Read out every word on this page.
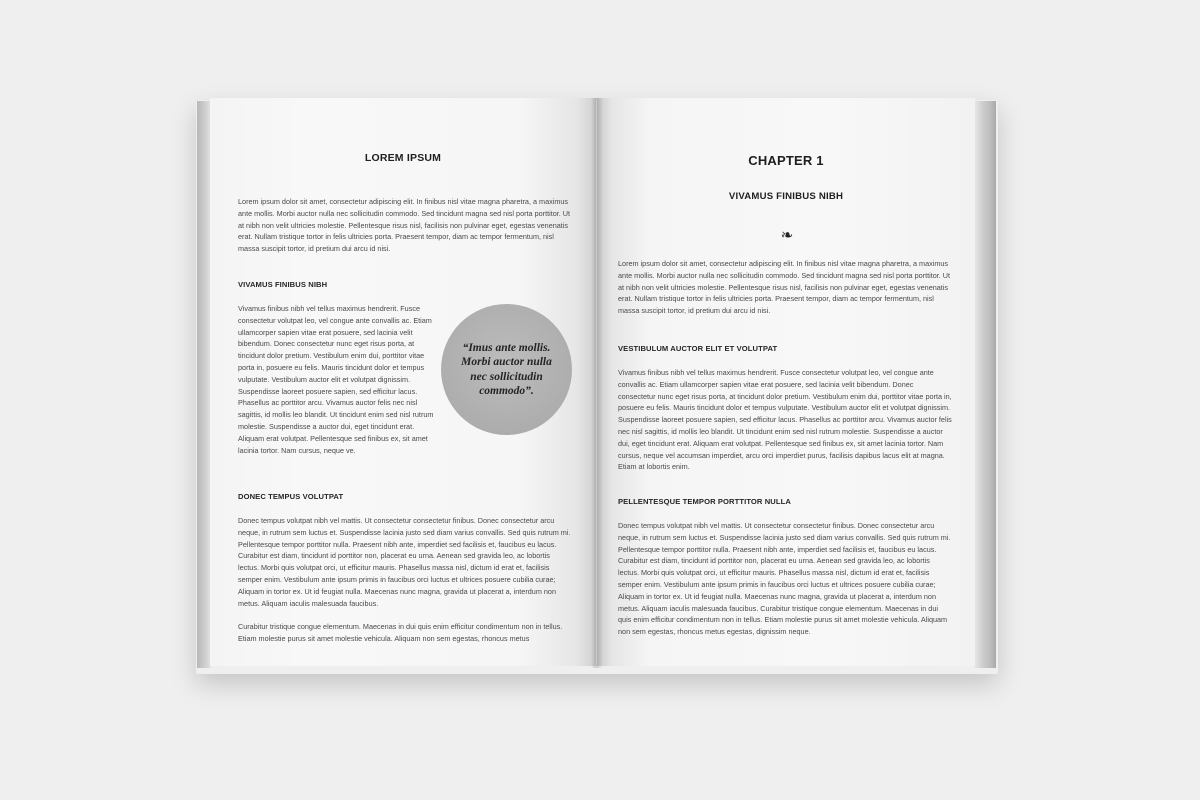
LOREM IPSUM

Lorem ipsum dolor sit amet, consectetur adipiscing elit. In finibus nisl vitae magna pharetra, a maximus ante mollis. Morbi auctor nulla nec sollicitudin commodo. Sed tincidunt magna sed nisl porta porttitor. Ut at nibh non velit ultricies molestie. Pellentesque risus nisl, facilisis non pulvinar eget, egestas venenatis erat. Nullam tristique tortor in felis ultricies porta. Praesent tempor, diam ac tempor fermentum, nisl massa suscipit tortor, id pretium dui arcu id nisi.

VIVAMUS FINIBUS NIBH

Vivamus finibus nibh vel tellus maximus hendrerit. Fusce consectetur volutpat leo, vel congue ante convallis ac. Etiam ullamcorper sapien vitae erat posuere, sed lacinia velit bibendum. Donec consectetur nunc eget risus porta, at tincidunt dolor pretium. Vestibulum enim dui, porttitor vitae porta in, posuere eu felis. Mauris tincidunt dolor et tempus vulputate. Vestibulum auctor elit et volutpat dignissim. Suspendisse laoreet posuere sapien, sed efficitur lacus. Phasellus ac porttitor arcu. Vivamus auctor felis nec nisl sagittis, id mollis leo blandit. Ut tincidunt enim sed nisl rutrum molestie. Suspendisse a auctor dui, eget tincidunt erat. Aliquam erat volutpat. Pellentesque sed finibus ex, sit amet lacinia tortor. Nam cursus, neque ve.

“Imus ante mollis. Morbi auctor nulla nec sollicitudin commodo”.
DONEC TEMPUS VOLUTPAT

Donec tempus volutpat nibh vel mattis. Ut consectetur consectetur finibus. Donec consectetur arcu neque, in rutrum sem luctus et. Suspendisse lacinia justo sed diam varius convallis. Sed quis rutrum mi. Pellentesque tempor porttitor nulla. Praesent nibh ante, imperdiet sed facilisis et, faucibus eu lacus. Curabitur est diam, tincidunt id porttitor non, placerat eu urna. Aenean sed gravida leo, ac lobortis lectus. Morbi quis volutpat orci, ut efficitur mauris. Phasellus massa nisl, dictum id erat et, facilisis semper enim. Vestibulum ante ipsum primis in faucibus orci luctus et ultrices posuere cubilia curae; Aliquam in tortor ex. Ut id feugiat nulla. Maecenas nunc magna, gravida ut placerat a, interdum non metus. Aliquam iaculis malesuada faucibus.

Curabitur tristique congue elementum. Maecenas in dui quis enim efficitur condimentum non in tellus. Etiam molestie purus sit amet molestie vehicula. Aliquam non sem egestas, rhoncus metus

CHAPTER 1
VIVAMUS FINIBUS NIBH
❧

Lorem ipsum dolor sit amet, consectetur adipiscing elit. In finibus nisl vitae magna pharetra, a maximus ante mollis. Morbi auctor nulla nec sollicitudin commodo. Sed tincidunt magna sed nisl porta porttitor. Ut at nibh non velit ultricies molestie. Pellentesque risus nisl, facilisis non pulvinar eget, egestas venenatis erat. Nullam tristique tortor in felis ultricies porta. Praesent tempor, diam ac tempor fermentum, nisl massa suscipit tortor, id pretium dui arcu id nisi.

VESTIBULUM AUCTOR ELIT ET VOLUTPAT

Vivamus finibus nibh vel tellus maximus hendrerit. Fusce consectetur volutpat leo, vel congue ante convallis ac. Etiam ullamcorper sapien vitae erat posuere, sed lacinia velit bibendum. Donec consectetur nunc eget risus porta, at tincidunt dolor pretium. Vestibulum enim dui, porttitor vitae porta in, posuere eu felis. Mauris tincidunt dolor et tempus vulputate. Vestibulum auctor elit et volutpat dignissim. Suspendisse laoreet posuere sapien, sed efficitur lacus. Phasellus ac porttitor arcu. Vivamus auctor felis nec nisl sagittis, id mollis leo blandit. Ut tincidunt enim sed nisl rutrum molestie. Suspendisse a auctor dui, eget tincidunt erat. Aliquam erat volutpat. Pellentesque sed finibus ex, sit amet lacinia tortor. Nam cursus, neque vel accumsan imperdiet, arcu orci imperdiet purus, facilisis dapibus lacus elit at magna. Etiam at lobortis enim.

PELLENTESQUE TEMPOR PORTTITOR NULLA

Donec tempus volutpat nibh vel mattis. Ut consectetur consectetur finibus. Donec consectetur arcu neque, in rutrum sem luctus et. Suspendisse lacinia justo sed diam varius convallis. Sed quis rutrum mi. Pellentesque tempor porttitor nulla. Praesent nibh ante, imperdiet sed facilisis et, faucibus eu lacus. Curabitur est diam, tincidunt id porttitor non, placerat eu urna. Aenean sed gravida leo, ac lobortis lectus. Morbi quis volutpat orci, ut efficitur mauris. Phasellus massa nisl, dictum id erat et, facilisis semper enim. Vestibulum ante ipsum primis in faucibus orci luctus et ultrices posuere cubilia curae; Aliquam in tortor ex. Ut id feugiat nulla. Maecenas nunc magna, gravida ut placerat a, interdum non metus. Aliquam iaculis malesuada faucibus. Curabitur tristique congue elementum. Maecenas in dui quis enim efficitur condimentum non in tellus. Etiam molestie purus sit amet molestie vehicula. Aliquam non sem egestas, rhoncus metus egestas, dignissim neque.
